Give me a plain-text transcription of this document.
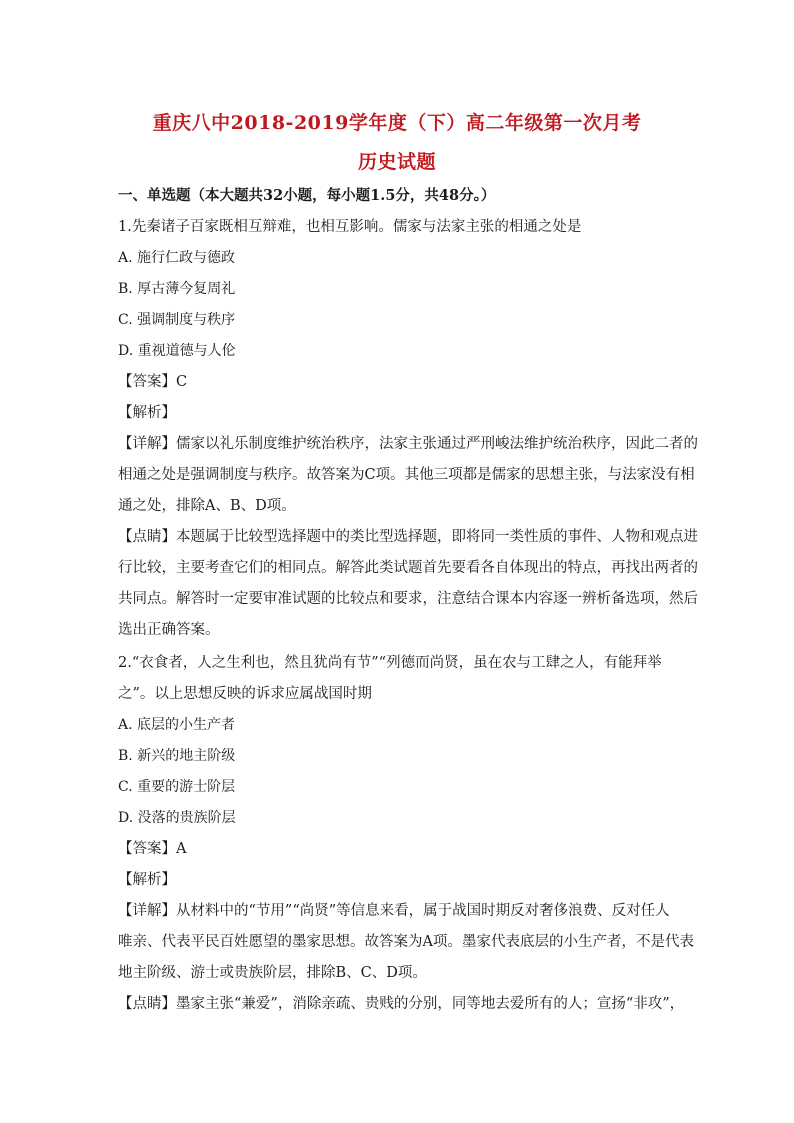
重庆八中2018-2019学年度（下）高二年级第一次月考
历史试题
一、单选题（本大题共32小题，每小题1.5分，共48分。）
1.先秦诸子百家既相互辩难，也相互影响。儒家与法家主张的相通之处是
A. 施行仁政与德政
B. 厚古薄今复周礼
C. 强调制度与秩序
D. 重视道德与人伦
【答案】C
【解析】
【详解】儒家以礼乐制度维护统治秩序，法家主张通过严刑峻法维护统治秩序，因此二者的
相通之处是强调制度与秩序。故答案为C项。其他三项都是儒家的思想主张，与法家没有相
通之处，排除A、B、D项。
【点睛】本题属于比较型选择题中的类比型选择题，即将同一类性质的事件、人物和观点进
行比较，主要考查它们的相同点。解答此类试题首先要看各自体现出的特点，再找出两者的
共同点。解答时一定要审准试题的比较点和要求，注意结合课本内容逐一辨析备选项，然后
选出正确答案。
2.“衣食者，人之生利也，然且犹尚有节”“列德而尚贤，虽在农与工肆之人，有能拜举
之”。以上思想反映的诉求应属战国时期
A. 底层的小生产者
B. 新兴的地主阶级
C. 重要的游士阶层
D. 没落的贵族阶层
【答案】A
【解析】
【详解】从材料中的“节用”“尚贤”等信息来看，属于战国时期反对奢侈浪费、反对任人
唯亲、代表平民百姓愿望的墨家思想。故答案为A项。墨家代表底层的小生产者，不是代表
地主阶级、游士或贵族阶层，排除B、C、D项。
【点睛】墨家主张“兼爱”，消除亲疏、贵贱的分别，同等地去爱所有的人；宣扬“非攻”，
